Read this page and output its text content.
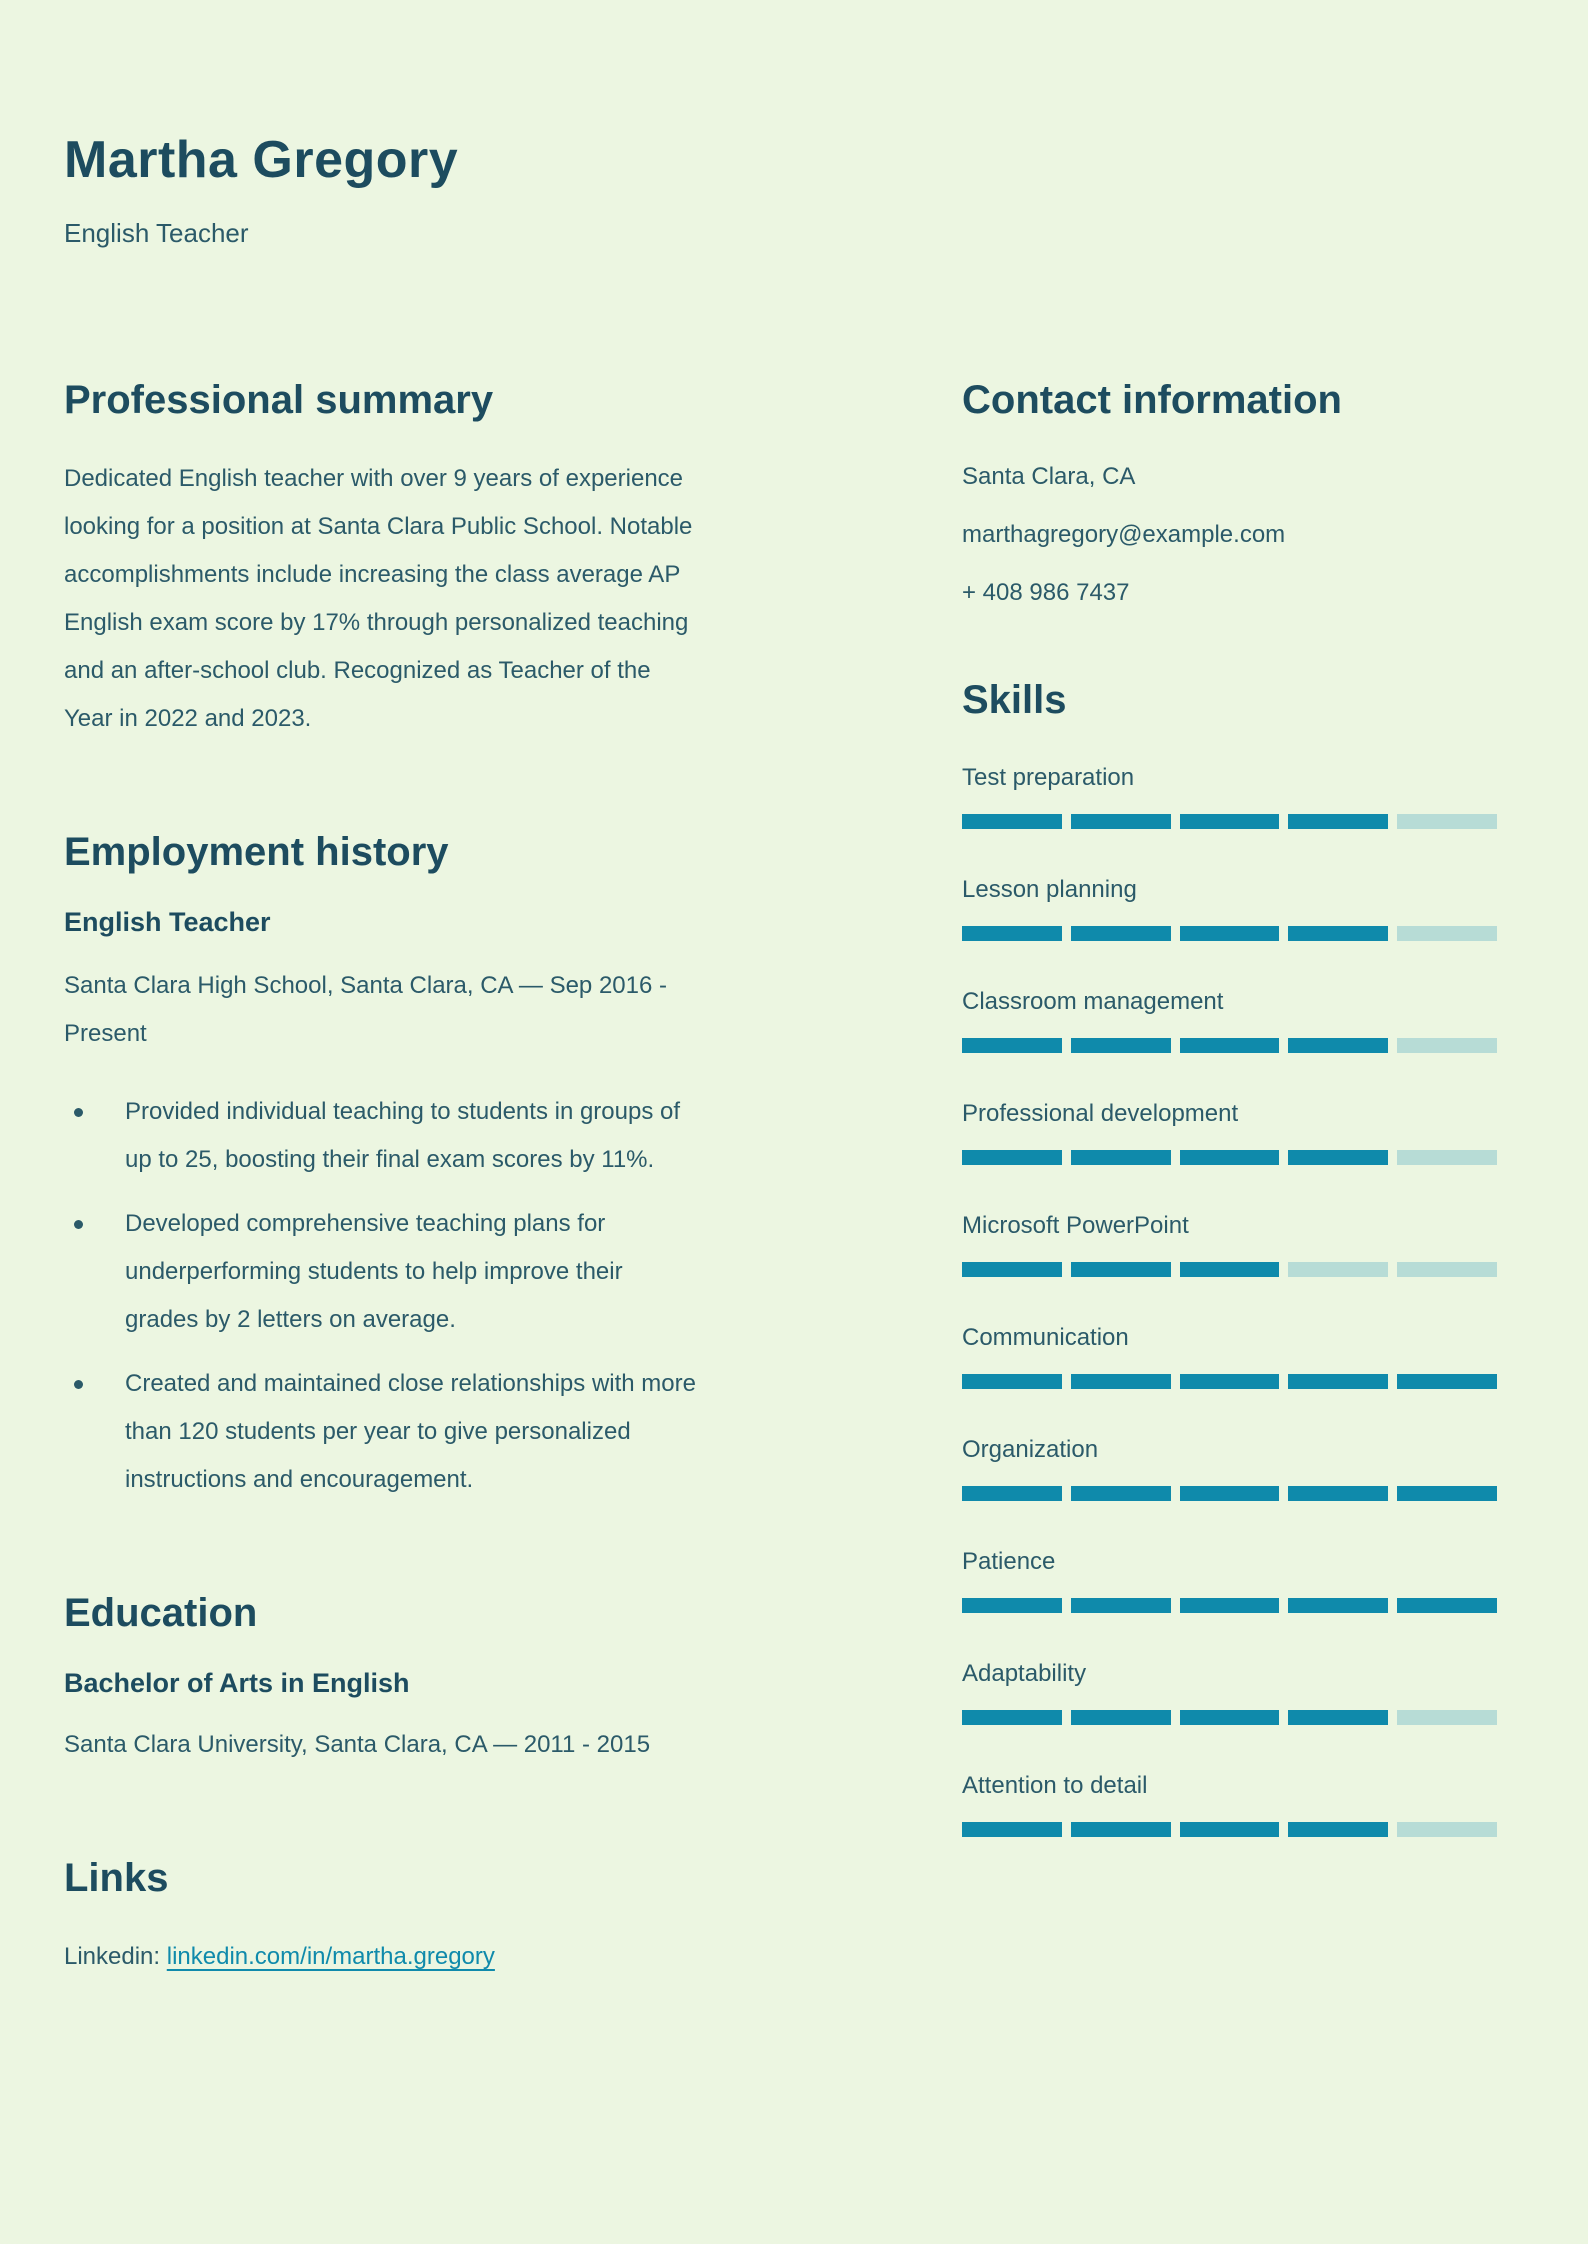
Martha Gregory
English Teacher
Professional summary

Dedicated English teacher with over 9 years of experience looking for a position at Santa Clara Public School. Notable accomplishments include increasing the class average AP English exam score by 17% through personalized teaching and an after-school club. Recognized as Teacher of the Year in 2022 and 2023.

Employment history
English Teacher

Santa Clara High School, Santa Clara, CA — Sep 2016 - Present

Provided individual teaching to students in groups of up to 25, boosting their final exam scores by 11%.
Developed comprehensive teaching plans for underperforming students to help improve their grades by 2 letters on average.
Created and maintained close relationships with more than 120 students per year to give personalized instructions and encouragement.
Education
Bachelor of Arts in English

Santa Clara University, Santa Clara, CA — 2011 - 2015

Links

Linkedin: linkedin.com/in/martha.gregory

Contact information

Santa Clara, CA

marthagregory@example.com

+ 408 986 7437

Skills
Test preparation
Lesson planning
Classroom management
Professional development
Microsoft PowerPoint
Communication
Organization
Patience
Adaptability
Attention to detail
